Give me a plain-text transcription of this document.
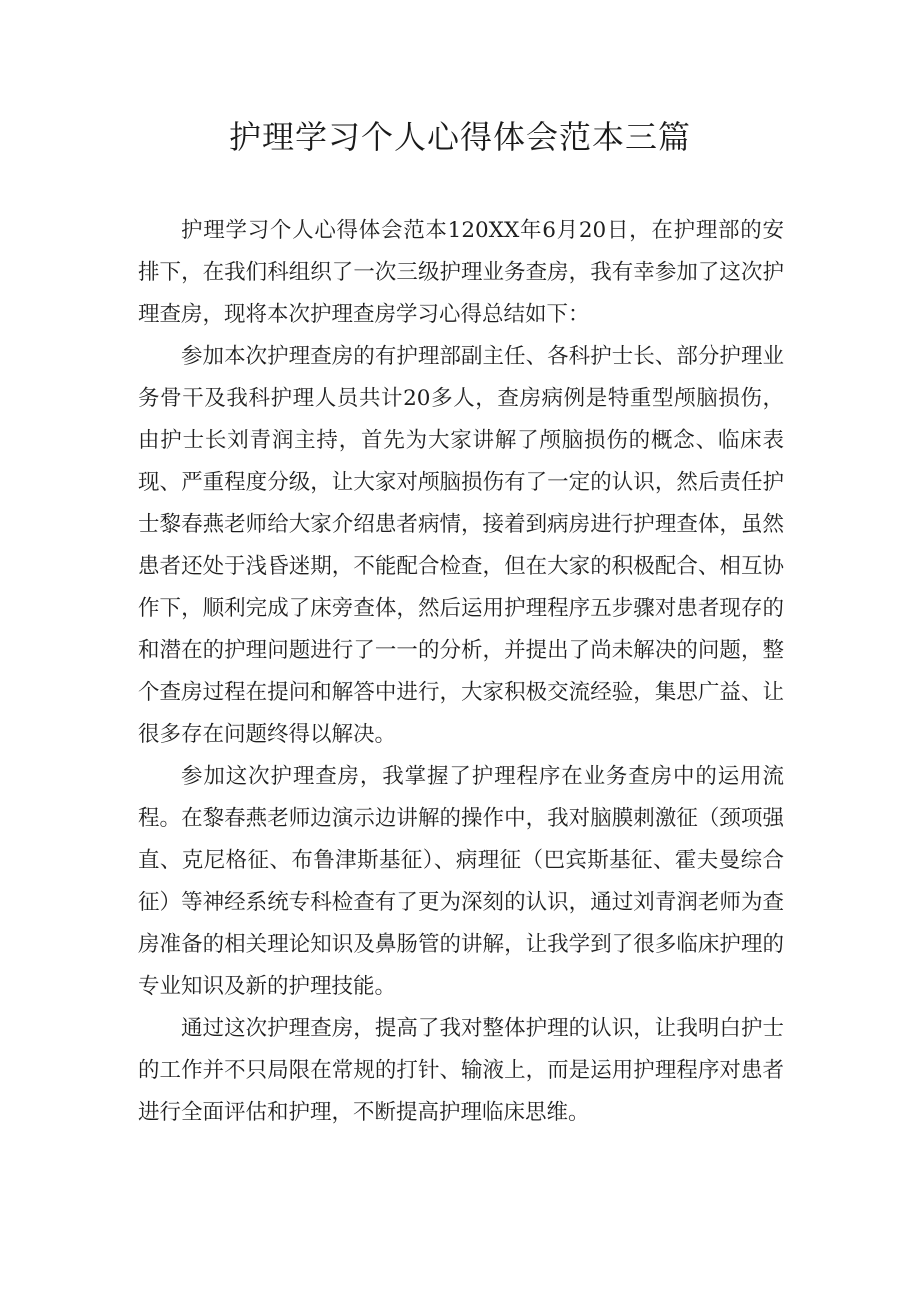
护理学习个人心得体会范本三篇

护理学习个人心得体会范本120XX年6月20日，在护理部的安排下，在我们科组织了一次三级护理业务查房，我有幸参加了这次护理查房，现将本次护理查房学习心得总结如下：

参加本次护理查房的有护理部副主任、各科护士长、部分护理业务骨干及我科护理人员共计20多人，查房病例是特重型颅脑损伤，由护士长刘青润主持，首先为大家讲解了颅脑损伤的概念、临床表现、严重程度分级，让大家对颅脑损伤有了一定的认识，然后责任护士黎春燕老师给大家介绍患者病情，接着到病房进行护理查体，虽然患者还处于浅昏迷期，不能配合检查，但在大家的积极配合、相互协作下，顺利完成了床旁查体，然后运用护理程序五步骤对患者现存的和潜在的护理问题进行了一一的分析，并提出了尚未解决的问题，整个查房过程在提问和解答中进行，大家积极交流经验，集思广益、让很多存在问题终得以解决。

参加这次护理查房，我掌握了护理程序在业务查房中的运用流程。在黎春燕老师边演示边讲解的操作中，我对脑膜刺激征（颈项强直、克尼格征、布鲁津斯基征）、病理征（巴宾斯基征、霍夫曼综合征）等神经系统专科检查有了更为深刻的认识，通过刘青润老师为查房准备的相关理论知识及鼻肠管的讲解，让我学到了很多临床护理的专业知识及新的护理技能。

通过这次护理查房，提高了我对整体护理的认识，让我明白护士的工作并不只局限在常规的打针、输液上，而是运用护理程序对患者进行全面评估和护理，不断提高护理临床思维。
